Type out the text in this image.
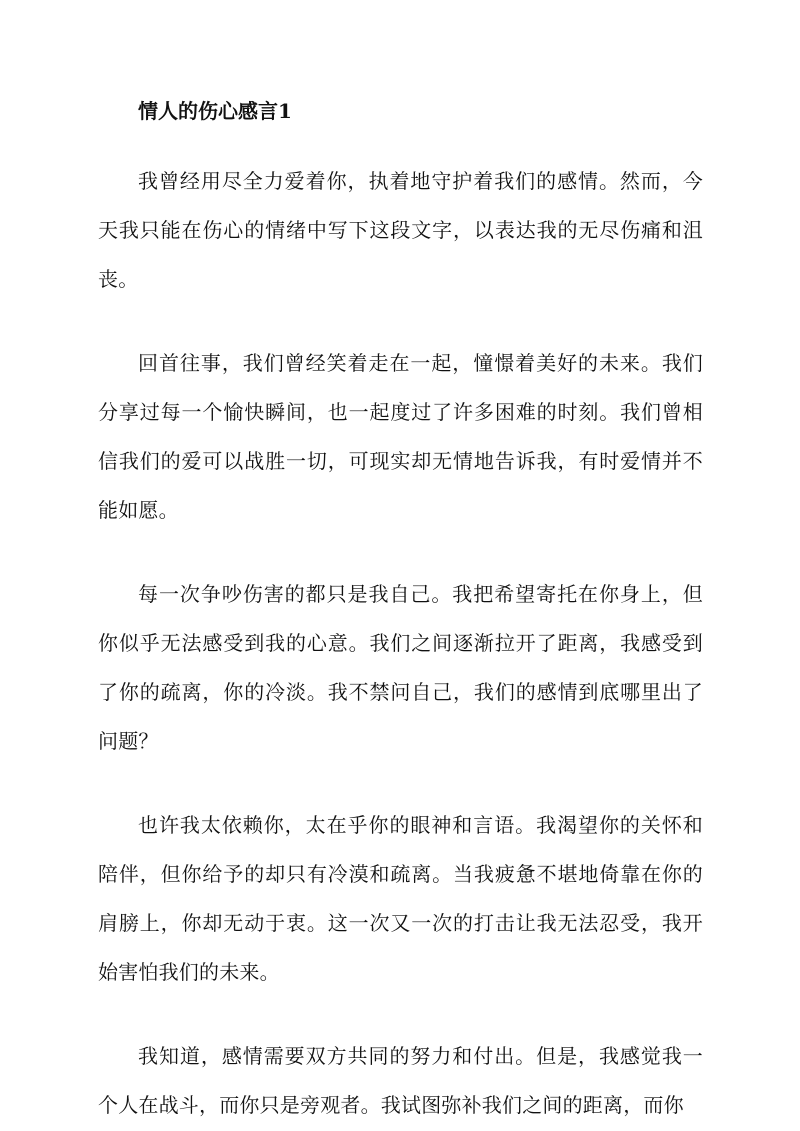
情人的伤心感言1

我曾经用尽全力爱着你，执着地守护着我们的感情。然而，今天我只能在伤心的情绪中写下这段文字，以表达我的无尽伤痛和沮丧。

回首往事，我们曾经笑着走在一起，憧憬着美好的未来。我们分享过每一个愉快瞬间，也一起度过了许多困难的时刻。我们曾相信我们的爱可以战胜一切，可现实却无情地告诉我，有时爱情并不能如愿。

每一次争吵伤害的都只是我自己。我把希望寄托在你身上，但你似乎无法感受到我的心意。我们之间逐渐拉开了距离，我感受到了你的疏离，你的冷淡。我不禁问自己，我们的感情到底哪里出了问题？

也许我太依赖你，太在乎你的眼神和言语。我渴望你的关怀和陪伴，但你给予的却只有冷漠和疏离。当我疲惫不堪地倚靠在你的肩膀上，你却无动于衷。这一次又一次的打击让我无法忍受，我开始害怕我们的未来。

我知道，感情需要双方共同的努力和付出。但是，我感觉我一个人在战斗，而你只是旁观者。我试图弥补我们之间的距离，而你
